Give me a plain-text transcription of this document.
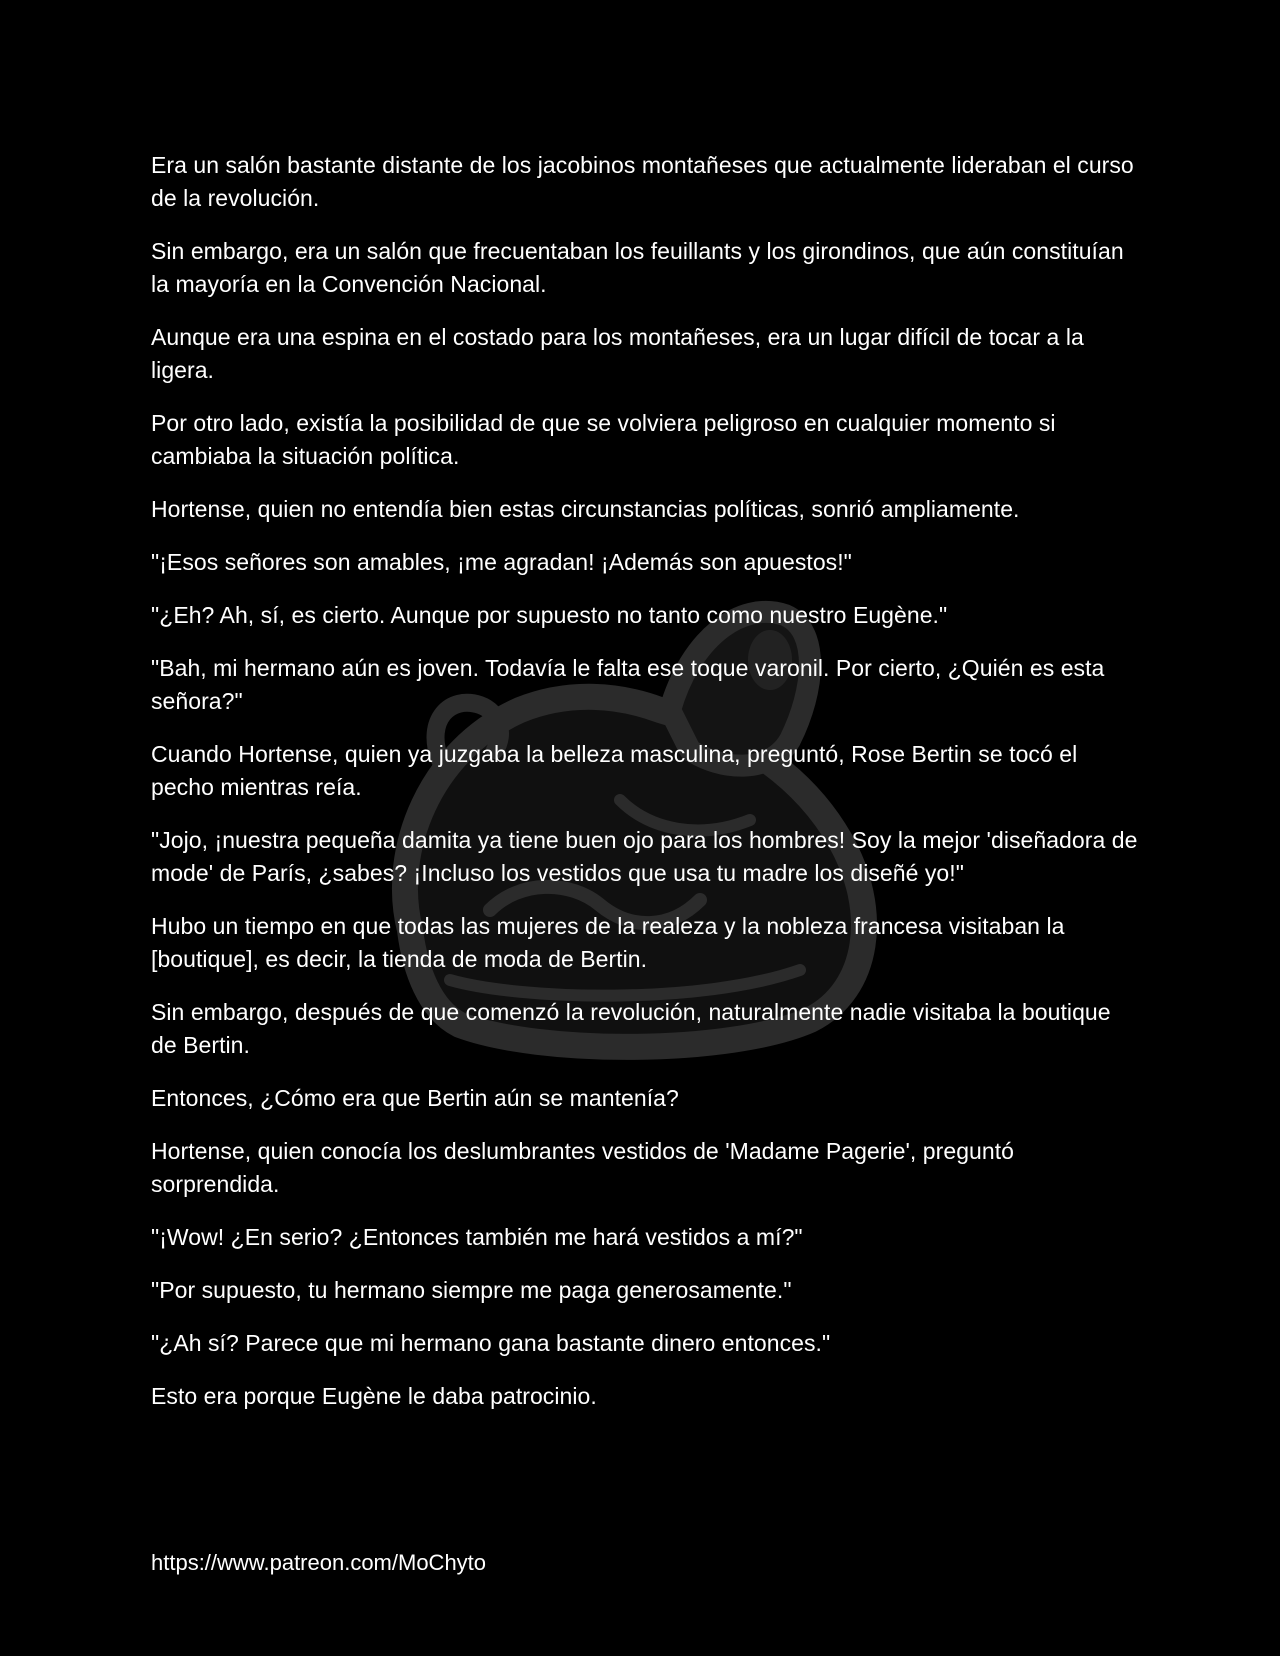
Era un salón bastante distante de los jacobinos montañeses que actualmente lideraban el curso de la revolución.

Sin embargo, era un salón que frecuentaban los feuillants y los girondinos, que aún constituían la mayoría en la Convención Nacional.

Aunque era una espina en el costado para los montañeses, era un lugar difícil de tocar a la ligera.

Por otro lado, existía la posibilidad de que se volviera peligroso en cualquier momento si cambiaba la situación política.

Hortense, quien no entendía bien estas circunstancias políticas, sonrió ampliamente.

"¡Esos señores son amables, ¡me agradan! ¡Además son apuestos!"

"¿Eh? Ah, sí, es cierto. Aunque por supuesto no tanto como nuestro Eugène."

"Bah, mi hermano aún es joven. Todavía le falta ese toque varonil. Por cierto, ¿Quién es esta señora?"

Cuando Hortense, quien ya juzgaba la belleza masculina, preguntó, Rose Bertin se tocó el pecho mientras reía.

"Jojo, ¡nuestra pequeña damita ya tiene buen ojo para los hombres! Soy la mejor 'diseñadora de mode' de París, ¿sabes? ¡Incluso los vestidos que usa tu madre los diseñé yo!"

Hubo un tiempo en que todas las mujeres de la realeza y la nobleza francesa visitaban la [boutique], es decir, la tienda de moda de Bertin.

Sin embargo, después de que comenzó la revolución, naturalmente nadie visitaba la boutique de Bertin.

Entonces, ¿Cómo era que Bertin aún se mantenía?

Hortense, quien conocía los deslumbrantes vestidos de 'Madame Pagerie', preguntó sorprendida.

"¡Wow! ¿En serio? ¿Entonces también me hará vestidos a mí?"

"Por supuesto, tu hermano siempre me paga generosamente."

"¿Ah sí? Parece que mi hermano gana bastante dinero entonces."

Esto era porque Eugène le daba patrocinio.

https://www.patreon.com/MoChyto
